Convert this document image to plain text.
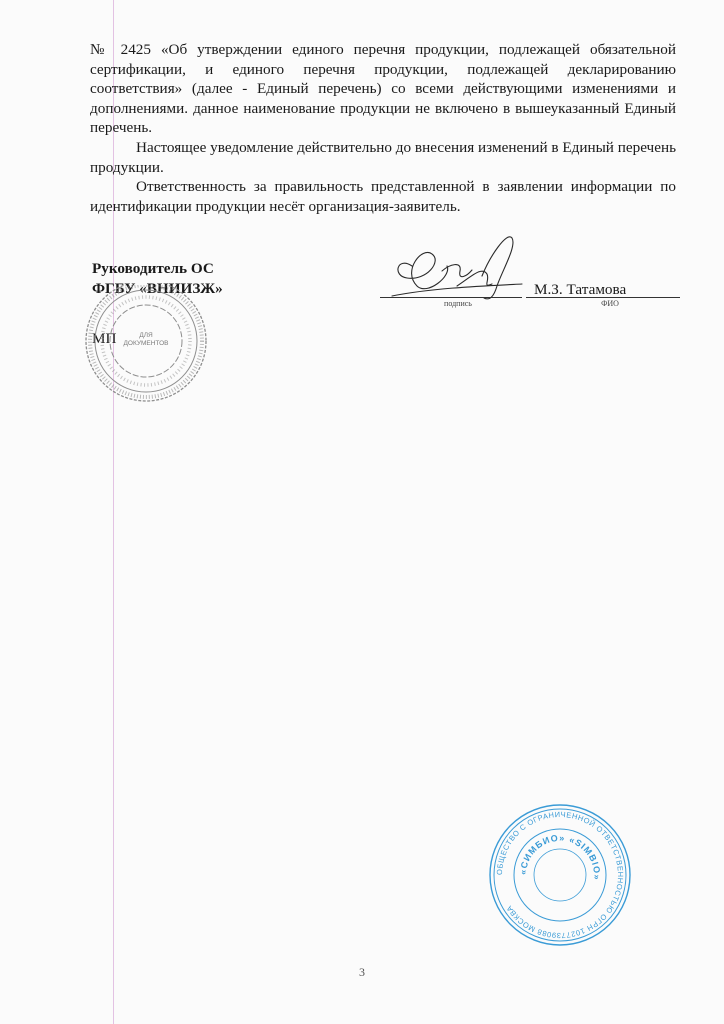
№ 2425 «Об утверждении единого перечня продукции, подлежащей обязательной сертификации, и единого перечня продукции, подлежащей декларированию соответствия» (далее - Единый перечень) со всеми действующими изменениями и дополнениями. данное наименование продукции не включено в вышеуказанный Единый перечень.

Настоящее уведомление действительно до внесения изменений в Единый перечень продукции.

Ответственность за правильность представленной в заявлении информации по идентификации продукции несёт организация-заявитель.

Руководитель ОС
ФГБУ «ВНИИЗЖ»
МП	ДЛЯ
ДОКУМЕНТОВ
подпись
М.З. Татамова
ФИО
ОБЩЕСТВО С ОГРАНИЧЕННОЙ ОТВЕТСТВЕННОСТЬЮ ОГРН 1027739088 МОСКВА
«СИМБИО» «SIMBIO»
3
